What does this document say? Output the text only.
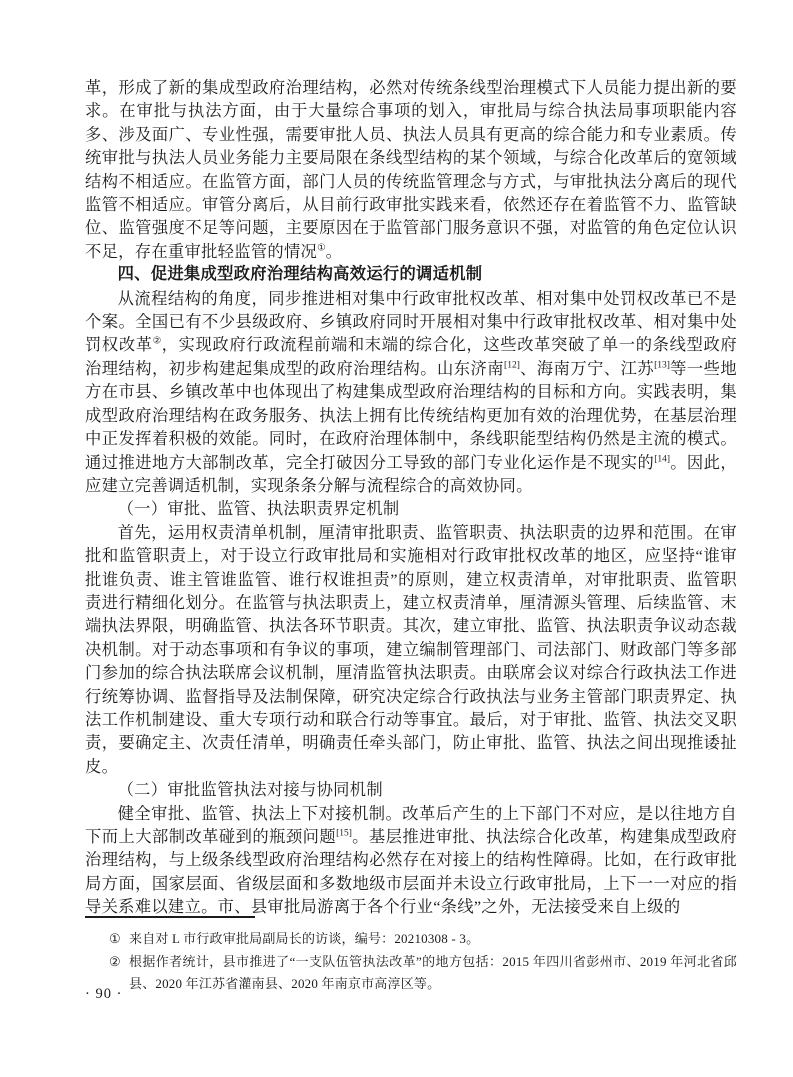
革，形成了新的集成型政府治理结构，必然对传统条线型治理模式下人员能力提出新的要求。在审批与执法方面，由于大量综合事项的划入，审批局与综合执法局事项职能内容多、涉及面广、专业性强，需要审批人员、执法人员具有更高的综合能力和专业素质。传统审批与执法人员业务能力主要局限在条线型结构的某个领域，与综合化改革后的宽领域结构不相适应。在监管方面，部门人员的传统监管理念与方式，与审批执法分离后的现代监管不相适应。审管分离后，从目前行政审批实践来看，依然还存在着监管不力、监管缺位、监管强度不足等问题，主要原因在于监管部门服务意识不强，对监管的角色定位认识不足，存在重审批轻监管的情况①。

四、促进集成型政府治理结构高效运行的调适机制

从流程结构的角度，同步推进相对集中行政审批权改革、相对集中处罚权改革已不是个案。全国已有不少县级政府、乡镇政府同时开展相对集中行政审批权改革、相对集中处罚权改革②，实现政府行政流程前端和末端的综合化，这些改革突破了单一的条线型政府治理结构，初步构建起集成型的政府治理结构。山东济南[12]、海南万宁、江苏[13]等一些地方在市县、乡镇改革中也体现出了构建集成型政府治理结构的目标和方向。实践表明，集成型政府治理结构在政务服务、执法上拥有比传统结构更加有效的治理优势，在基层治理中正发挥着积极的效能。同时，在政府治理体制中，条线职能型结构仍然是主流的模式。通过推进地方大部制改革，完全打破因分工导致的部门专业化运作是不现实的[14]。因此，应建立完善调适机制，实现条条分解与流程综合的高效协同。

（一）审批、监管、执法职责界定机制

首先，运用权责清单机制，厘清审批职责、监管职责、执法职责的边界和范围。在审批和监管职责上，对于设立行政审批局和实施相对行政审批权改革的地区，应坚持“谁审批谁负责、谁主管谁监管、谁行权谁担责”的原则，建立权责清单，对审批职责、监管职责进行精细化划分。在监管与执法职责上，建立权责清单，厘清源头管理、后续监管、末端执法界限，明确监管、执法各环节职责。其次，建立审批、监管、执法职责争议动态裁决机制。对于动态事项和有争议的事项，建立编制管理部门、司法部门、财政部门等多部门参加的综合执法联席会议机制，厘清监管执法职责。由联席会议对综合行政执法工作进行统筹协调、监督指导及法制保障，研究决定综合行政执法与业务主管部门职责界定、执法工作机制建设、重大专项行动和联合行动等事宜。最后，对于审批、监管、执法交叉职责，要确定主、次责任清单，明确责任牵头部门，防止审批、监管、执法之间出现推诿扯皮。

（二）审批监管执法对接与协同机制

健全审批、监管、执法上下对接机制。改革后产生的上下部门不对应，是以往地方自下而上大部制改革碰到的瓶颈问题[15]。基层推进审批、执法综合化改革，构建集成型政府治理结构，与上级条线型政府治理结构必然存在对接上的结构性障碍。比如，在行政审批局方面，国家层面、省级层面和多数地级市层面并未设立行政审批局，上下一一对应的指导关系难以建立。市、县审批局游离于各个行业“条线”之外，无法接受来自上级的

① 来自对 L 市行政审批局副局长的访谈，编号：20210308 - 3。
② 根据作者统计，县市推进了“一支队伍管执法改革”的地方包括：2015 年四川省彭州市、2019 年河北省邱县、2020 年江苏省灌南县、2020 年南京市高淳区等。
· 90 ·
